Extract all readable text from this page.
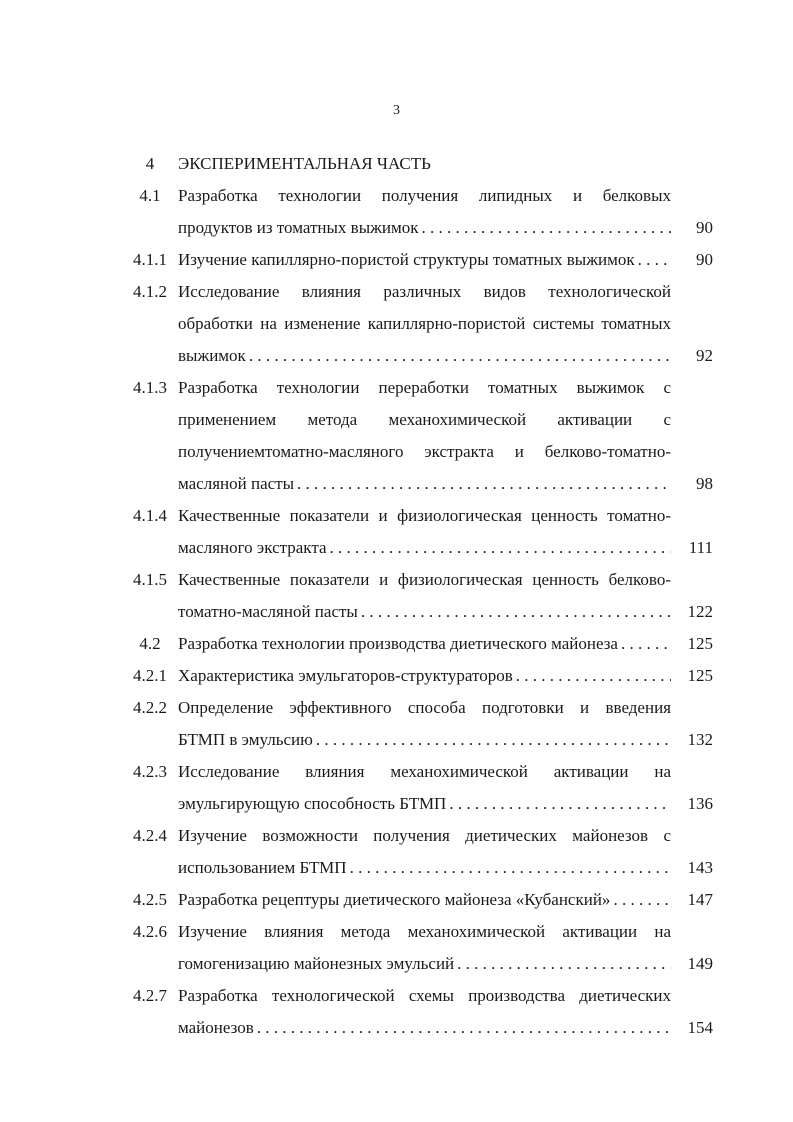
3
4	ЭКСПЕРИМЕНТАЛЬНАЯ ЧАСТЬ
4.1	Разработка технологии получения липидных и белковых
продуктов из томатных выжимок . . .	90
4.1.1 Изучение капиллярно-пористой структуры томатных выжимок . . .	90
4.1.2 Исследование влияния различных видов технологической
обработки на изменение капиллярно-пористой системы томатных
выжимок . . .	92
4.1.3 Разработка технологии переработки томатных выжимок с
применением метода механохимической активации с
получениемтоматно-масляного экстракта и белково-томатно-
масляной пасты . . .	98
4.1.4 Качественные показатели и физиологическая ценность томатно-
масляного экстракта . . .	111
4.1.5 Качественные показатели и физиологическая ценность белково-
томатно-масляной пасты . . .	122
4.2	Разработка технологии производства диетического майонеза . . .	125
4.2.1 Характеристика эмульгаторов-структураторов . . .	125
4.2.2 Определение эффективного способа подготовки и введения
БТМП в эмульсию . . .	132
4.2.3 Исследование влияния механохимической активации на
эмульгирующую способность БТМП . . .	136
4.2.4 Изучение возможности получения диетических майонезов с
использованием БТМП . . .	143
4.2.5 Разработка рецептуры диетического майонеза «Кубанский» . . .	147
4.2.6 Изучение влияния метода механохимической активации на
гомогенизацию майонезных эмульсий . . .	149
4.2.7 Разработка технологической схемы производства диетических
майонезов . . .	154
